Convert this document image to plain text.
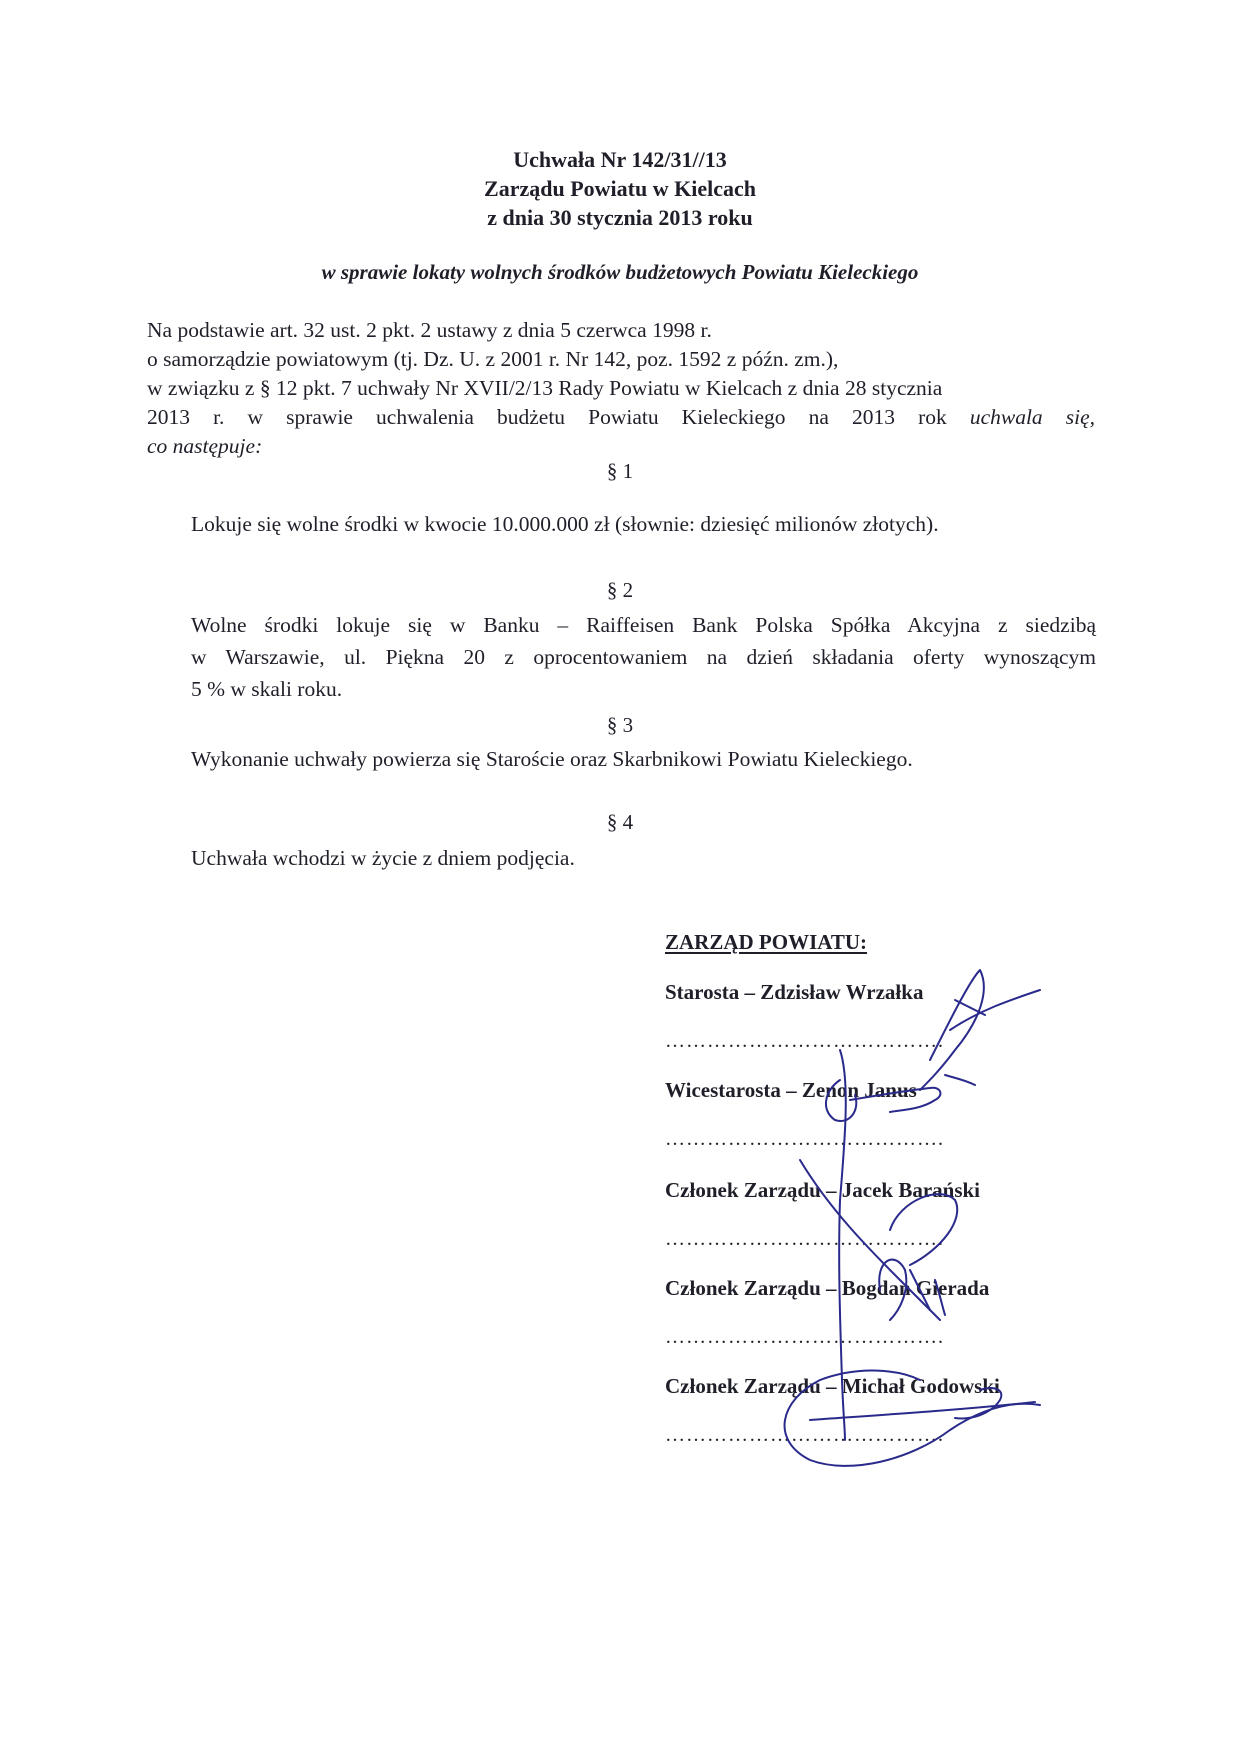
Uchwała Nr 142/31//13
Zarządu Powiatu w Kielcach
z dnia 30 stycznia 2013 roku
w sprawie lokaty wolnych środków budżetowych Powiatu Kieleckiego
Na podstawie art. 32 ust. 2 pkt. 2 ustawy z dnia 5 czerwca 1998 r.
o samorządzie powiatowym (tj. Dz. U. z 2001 r. Nr 142, poz. 1592 z późn. zm.),
w związku z § 12 pkt. 7 uchwały Nr XVII/2/13 Rady Powiatu w Kielcach z dnia 28 stycznia
2013 r. w sprawie uchwalenia budżetu Powiatu Kieleckiego na 2013 rok uchwala się,
co następuje:
§ 1
Lokuje się wolne środki w kwocie 10.000.000 zł (słownie: dziesięć milionów złotych).
§ 2
Wolne środki lokuje się w Banku – Raiffeisen Bank Polska Spółka Akcyjna z siedzibą
w Warszawie, ul. Piękna 20 z oprocentowaniem na dzień składania oferty wynoszącym
5 % w skali roku.
§ 3
Wykonanie uchwały powierza się Staroście oraz Skarbnikowi Powiatu Kieleckiego.
§ 4
Uchwała wchodzi w życie z dniem podjęcia.
ZARZĄD POWIATU:
Starosta – Zdzisław Wrzałka
………………………………….
Wicestarosta – Zenon Janus
………………………………….
Członek Zarządu – Jacek Barański
………………………………….
Członek Zarządu – Bogdan Gierada
………………………………….
Członek Zarządu – Michał Godowski
………………………………….
